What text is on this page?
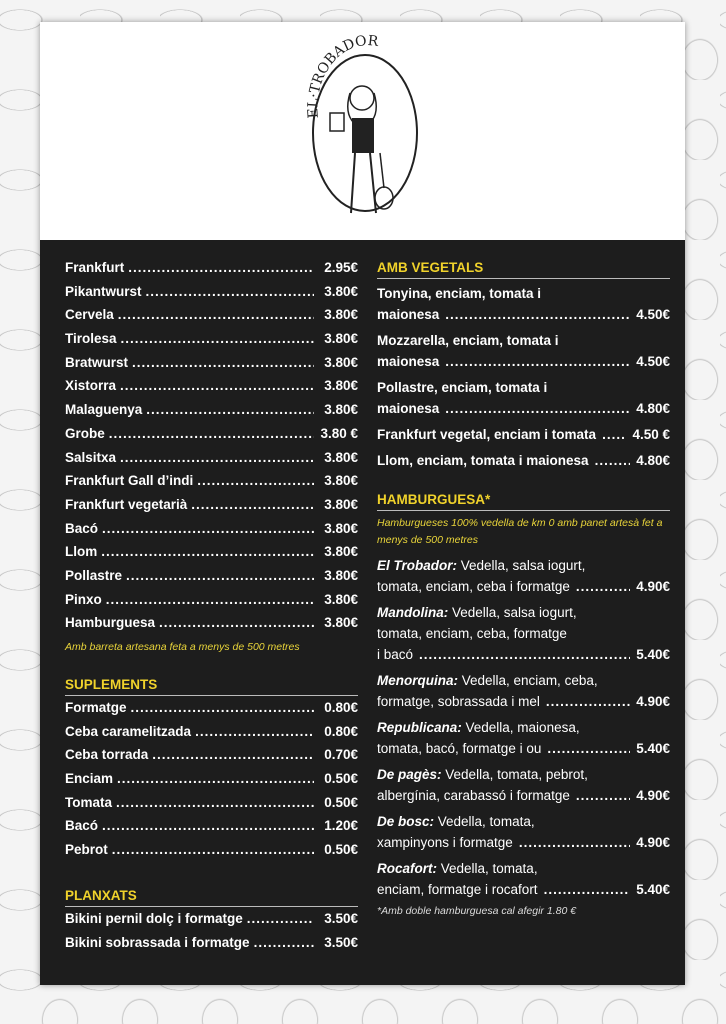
EL·TROBADOR
Frankfurt .....	2.95€
Pikantwurst .....	3.80€
Cervela .....	3.80€
Tirolesa .....	3.80€
Bratwurst .....	3.80€
Xistorra .....	3.80€
Malaguenya .....	3.80€
Grobe .....	3.80 €
Salsitxa .....	3.80€
Frankfurt Gall d’indi .....	3.80€
Frankfurt vegetarià .....	3.80€
Bacó .....	3.80€
Llom .....	3.80€
Pollastre .....	3.80€
Pinxo .....	3.80€
Hamburguesa .....	3.80€
Amb barreta artesana feta a menys de 500 metres
SUPLEMENTS
Formatge .....	0.80€
Ceba caramelitzada .....	0.80€
Ceba torrada .....	0.70€
Enciam .....	0.50€
Tomata .....	0.50€
Bacó .....	1.20€
Pebrot .....	0.50€
PLANXATS
Bikini pernil dolç i formatge .....	3.50€
Bikini sobrassada i formatge .....	3.50€
AMB VEGETALS
Tonyina, enciam, tomata i
maionesa .....	4.50€
Mozzarella, enciam, tomata i
maionesa .....	4.50€
Pollastre, enciam, tomata i
maionesa .....	4.80€
Frankfurt vegetal, enciam i tomata .....	4.50 €
Llom, enciam, tomata i maionesa .....	4.80€
HAMBURGUESA*
Hamburgueses 100% vedella de km 0 amb panet artesà fet a menys de 500 metres
El Trobador: Vedella, salsa iogurt,
tomata, enciam, ceba i formatge .....	4.90€
Mandolina: Vedella, salsa iogurt,
tomata, enciam, ceba, formatge
i bacó .....	5.40€
Menorquina: Vedella, enciam, ceba,
formatge, sobrassada i mel .....	4.90€
Republicana: Vedella, maionesa,
tomata, bacó, formatge i ou .....	5.40€
De pagès: Vedella, tomata, pebrot,
albergínia, carabassó i formatge .....	4.90€
De bosc: Vedella, tomata,
xampinyons i formatge .....	4.90€
Rocafort: Vedella, tomata,
enciam, formatge i rocafort .....	5.40€
*Amb doble hamburguesa cal afegir 1.80 €
